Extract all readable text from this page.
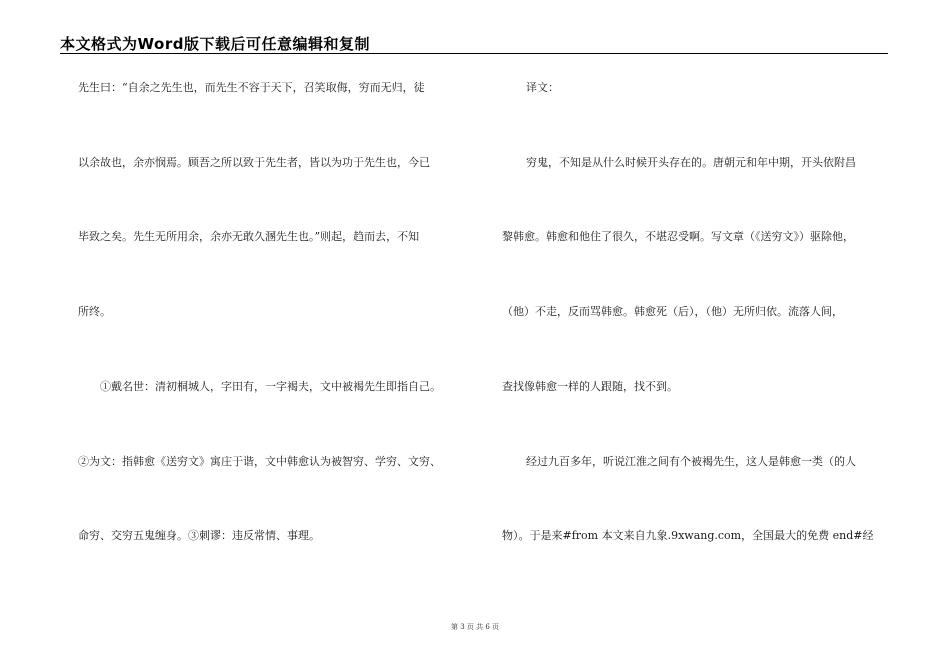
本文格式为Word版下载后可任意编辑和复制
先生曰：“自余之先生也，而先生不容于天下，召笑取侮，穷而无归，徒
以余故也，余亦悯焉。顾吾之所以致于先生者，皆以为功于先生也，今已
毕致之矣。先生无所用余，余亦无敢久溷先生也。”则起，趋而去，不知
所终。
①戴名世：清初桐城人，字田有，一字褐夫，文中被褐先生即指自己。
②为文：指韩愈《送穷文》寓庄于谐，文中韩愈认为被智穷、学穷、文穷、
命穷、交穷五鬼缠身。③刺谬：违反常情、事理。
译文：
穷鬼，不知是从什么时候开头存在的。唐朝元和年中期，开头依附昌
黎韩愈。韩愈和他住了很久，不堪忍受啊。写文章（《送穷文》）驱除他，
（他）不走，反而骂韩愈。韩愈死（后），（他）无所归依。流落人间，
查找像韩愈一样的人跟随，找不到。
经过九百多年，听说江淮之间有个被褐先生，这人是韩愈一类（的人
物）。于是来#from 本文来自九象.9xwang.com，全国最大的免费 end#经
第 3 页 共 6 页
